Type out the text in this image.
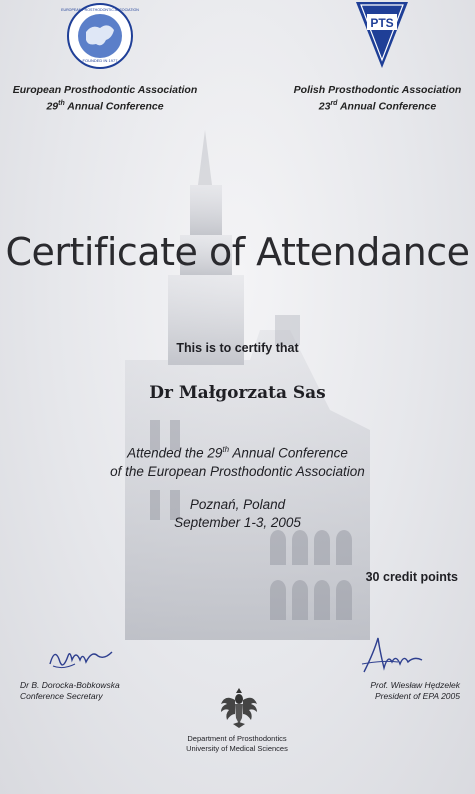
FOUNDED IN 1977
EUROPEAN PROSTHODONTIC ASSOCIATION
PTS
European Prosthodontic Association
29th Annual Conference
Polish Prosthodontic Association
23rd Annual Conference
Certificate of Attendance
This is to certify that
Dr Małgorzata Sas
Attended the 29th Annual Conference
of the European Prosthodontic Association
Poznań, Poland
September 1-3, 2005
30 credit points
Dr B. Dorocka-Bobkowska
Conference Secretary
Prof. Wiesław Hędzelek
President of EPA 2005
Department of Prosthodontics
University of Medical Sciences
